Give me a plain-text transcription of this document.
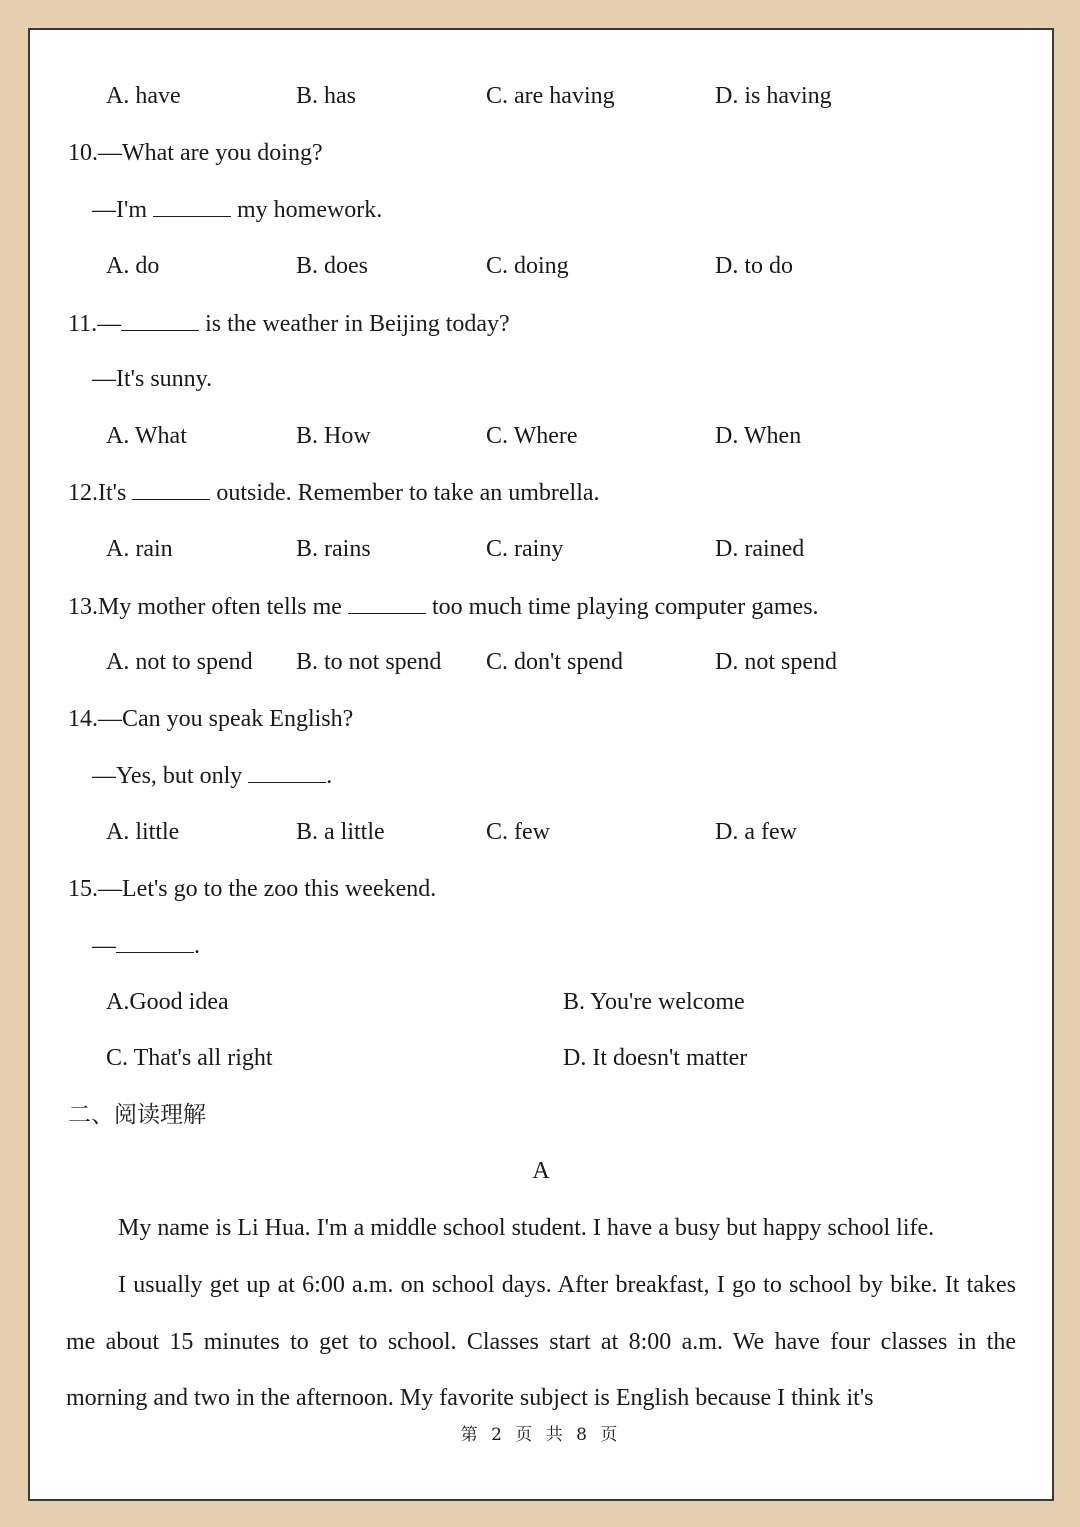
A. have	B. has	C. are having	D. is having
10.—What are you doing?
—I'm	my homework.
A. do	B. does	C. doing	D. to do
11.—	is the weather in Beijing today?
—It's sunny.
A. What	B. How	C. Where	D. When
12.It's	outside. Remember to take an umbrella.
A. rain	B. rains	C. rainy	D. rained
13.My mother often tells me	too much time playing computer games.
A. not to spend B. to not spend C. don't spend	D. not spend
14.—Can you speak English?
—Yes, but only	.
A. little	B. a little	C. few	D. a few
15.—Let's go to the zoo this weekend.
—	.
A.Good idea	B. You're welcome
C. That's all right	D. It doesn't matter
二、阅读理解
A
My name is Li Hua. I'm a middle school student. I have a busy but happy school life.
I usually get up at 6:00 a.m. on school days. After breakfast, I go to school by bike. It takes me about 15 minutes to get to school. Classes start at 8:00 a.m. We have four classes in the morning and two in the afternoon. My favorite subject is English because I think it's
第 2 页 共 8 页
